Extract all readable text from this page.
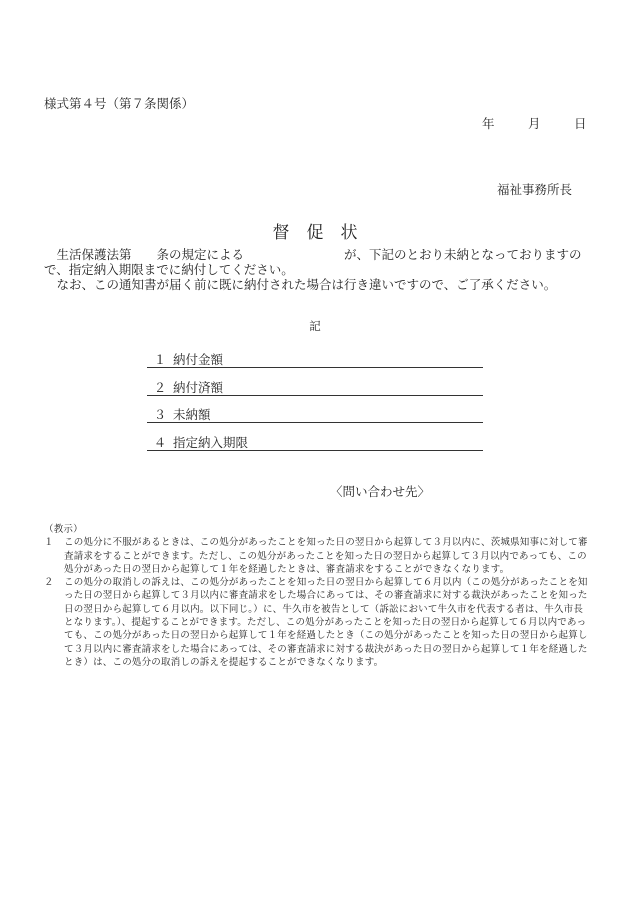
様式第４号（第７条関係）
年	月	日
福祉事務所長
督　促　状

生活保護法第　　条の規定による　　　　　　　　が、下記のとおり未納となっておりますので、指定納入期限までに納付してください。

なお、この通知書が届く前に既に納付された場合は行き違いですので、ご了承ください。

記
１ 納付金額
２ 納付済額
３ 未納額
４ 指定納入期限
〈問い合わせ先〉

（教示）

１	この処分に不服があるときは、この処分があったことを知った日の翌日から起算して３月以内に、茨城県知事に対して審査請求をすることができます。ただし、この処分があったことを知った日の翌日から起算して３月以内であっても、この処分があった日の翌日から起算して１年を経過したときは、審査請求をすることができなくなります。
２	この処分の取消しの訴えは、この処分があったことを知った日の翌日から起算して６月以内（この処分があったことを知った日の翌日から起算して３月以内に審査請求をした場合にあっては、その審査請求に対する裁決があったことを知った日の翌日から起算して６月以内。以下同じ。）に、牛久市を被告として（訴訟において牛久市を代表する者は、牛久市長となります。）、提起することができます。ただし、この処分があったことを知った日の翌日から起算して６月以内であっても、この処分があった日の翌日から起算して１年を経過したとき（この処分があったことを知った日の翌日から起算して３月以内に審査請求をした場合にあっては、その審査請求に対する裁決があった日の翌日から起算して１年を経過したとき）は、この処分の取消しの訴えを提起することができなくなります。
